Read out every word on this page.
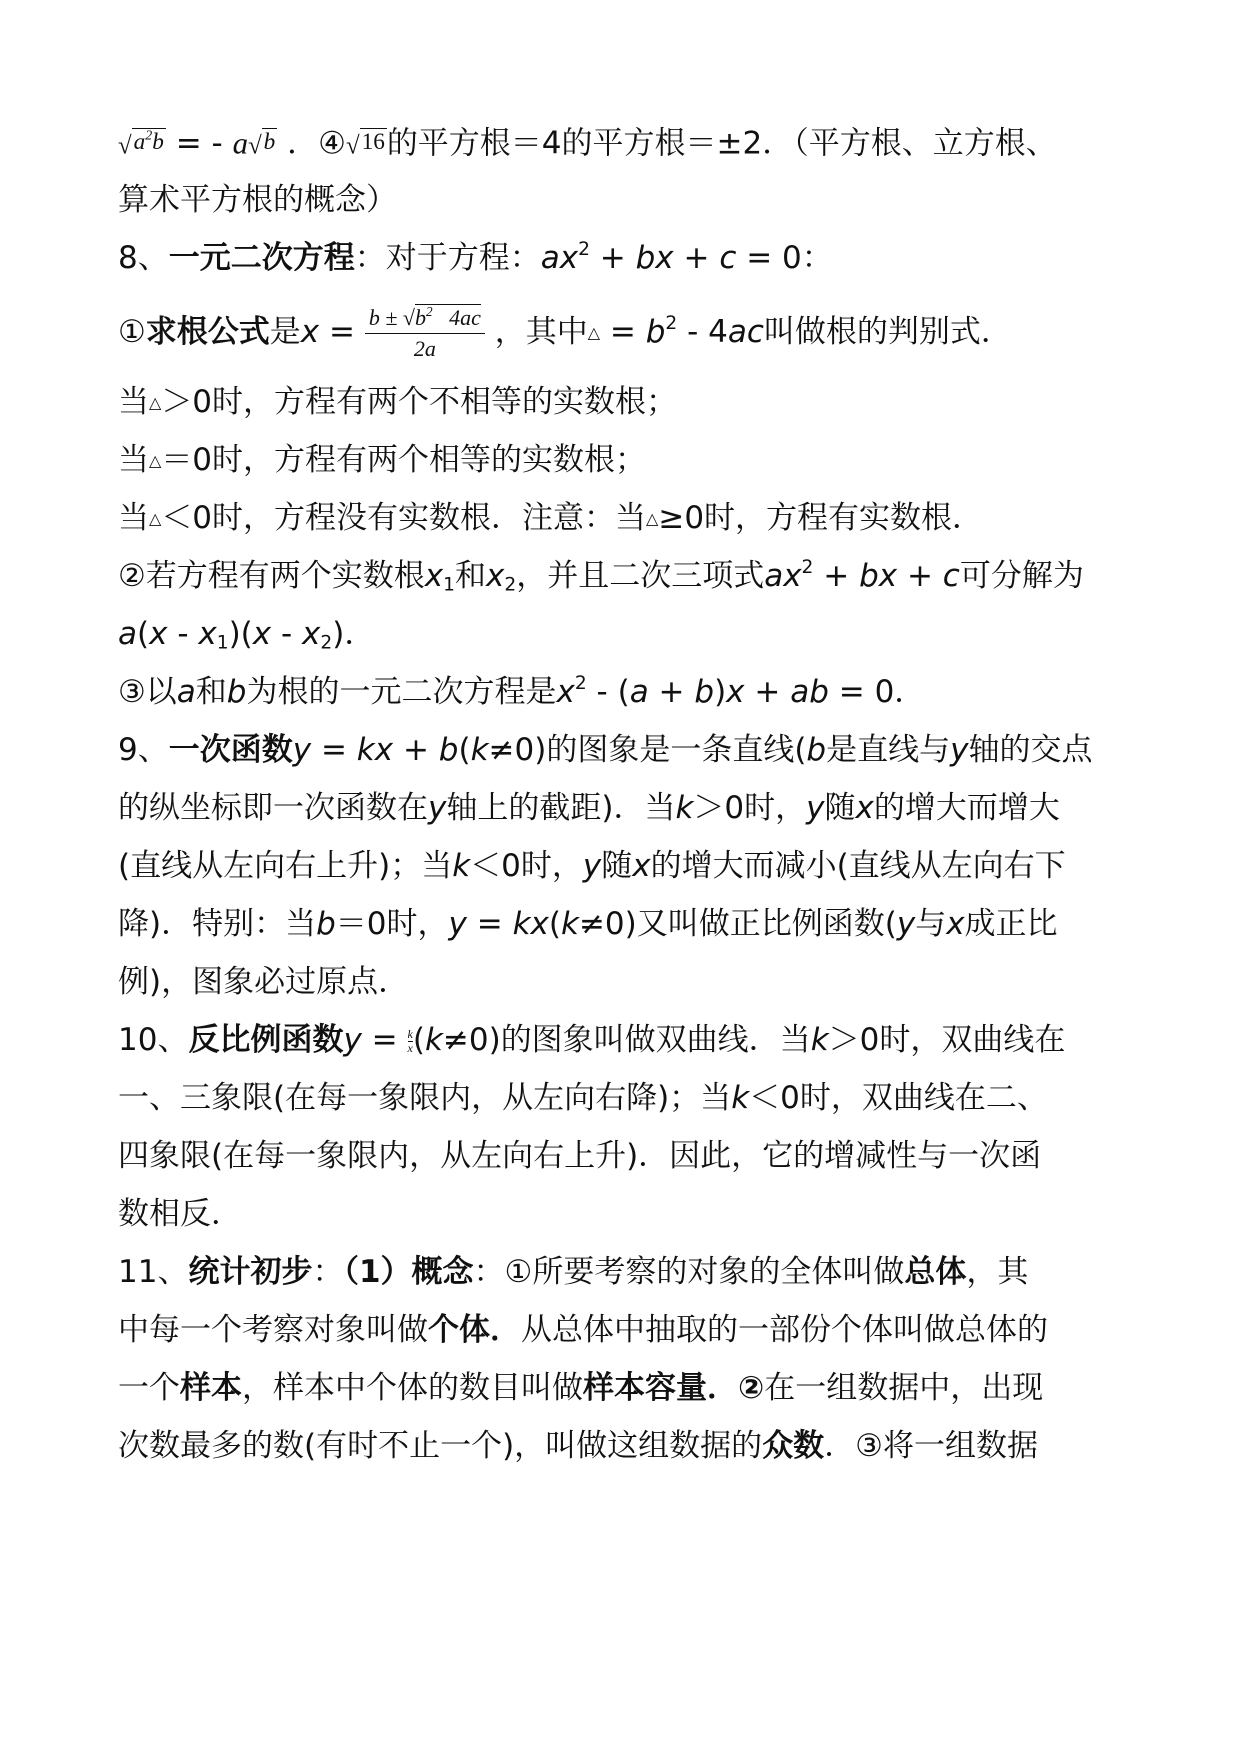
$√a^2b$ = - a√b ．④√16的平方根＝4的平方根＝±2．（平方根、立方根、
算术平方根的概念）
8、一元二次方程：对于方程：$ax^2$ + bx + c = 0：
①求根公式是$x = \frac{b \pm √b^2 4ac}{2a}$ ，其中△ = $b^2 - 4ac$叫做根的判别式．
当△＞0时，方程有两个不相等的实数根；
当△＝0时，方程有两个相等的实数根；
当△＜0时，方程没有实数根．注意：当△≥0时，方程有实数根．
②若方程有两个实数根$x_1$和$x_2$，并且二次三项式$ax^2$ + bx + c可分解为
$a(x - x_1)(x - x_2)$．
③以a和b为根的一元二次方程是$x^2 - (a + b)x$ + ab = 0．
9、一次函数y = kx + b(k≠0)的图象是一条直线(b是直线与y轴的交点
的纵坐标即一次函数在y轴上的截距)．当k＞0时，y随x的增大而增大
(直线从左向右上升)；当k＜0时，y随x的增大而减小(直线从左向右下
降)．特别：当b＝0时，y = kx(k≠0)又叫做正比例函数(y与x成正比
例)，图象必过原点．
10、反比例函数$y = \frac{k}{x} (k\ne 0)$的图象叫做双曲线．当k＞0时，双曲线在
一、三象限(在每一象限内，从左向右降)；当k＜0时，双曲线在二、
四象限(在每一象限内，从左向右上升)．因此，它的增减性与一次函
数相反．
11、统计初步：（1）概念：①所要考察的对象的全体叫做总体，其
中每一个考察对象叫做个体．从总体中抽取的一部份个体叫做总体的
一个样本，样本中个体的数目叫做样本容量．②在一组数据中，出现
次数最多的数(有时不止一个)，叫做这组数据的众数．③将一组数据
